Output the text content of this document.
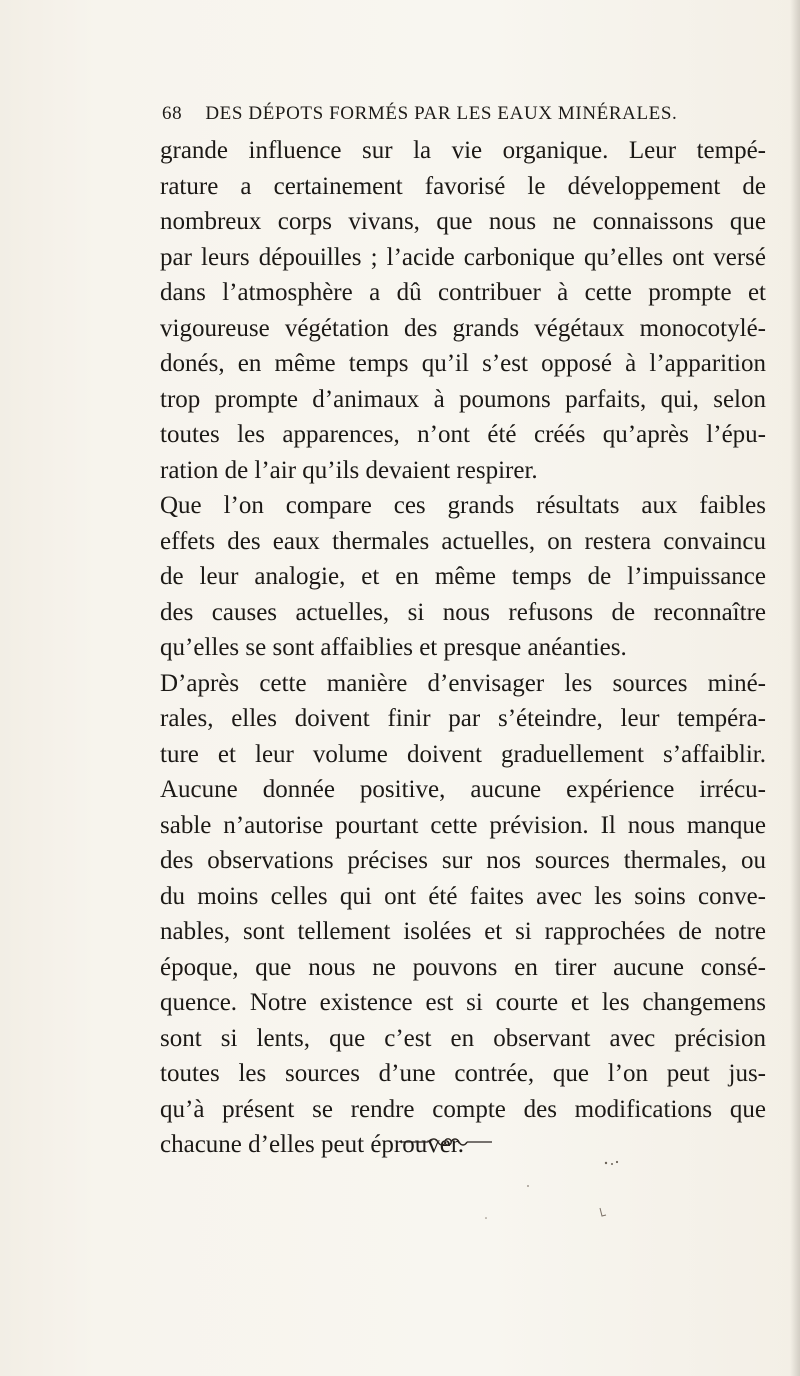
68 DES DÉPOTS FORMÉS PAR LES EAUX MINÉRALES.
grande influence sur la vie organique. Leur tempé-
rature a certainement favorisé le développement de
nombreux corps vivans, que nous ne connaissons que
par leurs dépouilles ; l’acide carbonique qu’elles ont versé
dans l’atmosphère a dû contribuer à cette prompte et
vigoureuse végétation des grands végétaux monocotylé-
donés, en même temps qu’il s’est opposé à l’apparition
trop prompte d’animaux à poumons parfaits, qui, selon
toutes les apparences, n’ont été créés qu’après l’épu-
ration de l’air qu’ils devaient respirer.
Que l’on compare ces grands résultats aux faibles
effets des eaux thermales actuelles, on restera convaincu
de leur analogie, et en même temps de l’impuissance
des causes actuelles, si nous refusons de reconnaître
qu’elles se sont affaiblies et presque anéanties.
D’après cette manière d’envisager les sources miné-
rales, elles doivent finir par s’éteindre, leur tempéra-
ture et leur volume doivent graduellement s’affaiblir.
Aucune donnée positive, aucune expérience irrécu-
sable n’autorise pourtant cette prévision. Il nous manque
des observations précises sur nos sources thermales, ou
du moins celles qui ont été faites avec les soins conve-
nables, sont tellement isolées et si rapprochées de notre
époque, que nous ne pouvons en tirer aucune consé-
quence. Notre existence est si courte et les changemens
sont si lents, que c’est en observant avec précision
toutes les sources d’une contrée, que l’on peut jus-
qu’à présent se rendre compte des modifications que
chacune d’elles peut éprouver.
